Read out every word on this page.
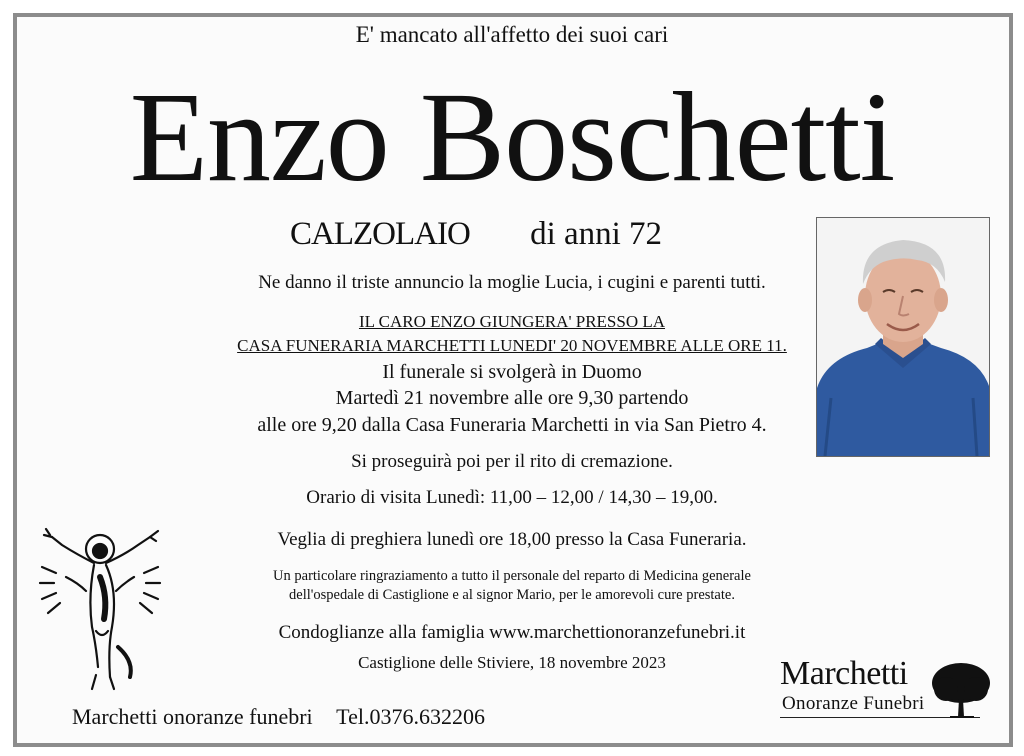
E' mancato all'affetto dei suoi cari
Enzo Boschetti
CALZOLAIO di anni 72
Ne danno il triste annuncio la moglie Lucia, i cugini e parenti tutti.
IL CARO ENZO GIUNGERA' PRESSO LA
CASA FUNERARIA MARCHETTI LUNEDI' 20 NOVEMBRE ALLE ORE 11.
Il funerale si svolgerà in Duomo
Martedì 21 novembre alle ore 9,30 partendo
alle ore 9,20 dalla Casa Funeraria Marchetti in via San Pietro 4.
Si proseguirà poi per il rito di cremazione.
Orario di visita Lunedì: 11,00 – 12,00 / 14,30 – 19,00.
Veglia di preghiera lunedì ore 18,00 presso la Casa Funeraria.
Un particolare ringraziamento a tutto il personale del reparto di Medicina generale
dell'ospedale di Castiglione e al signor Mario, per le amorevoli cure prestate.
Condoglianze alla famiglia www.marchettionoranzefunebri.it
Castiglione delle Stiviere, 18 novembre 2023
Marchetti onoranze funebri Tel.0376.632206
Marchetti
Onoranze Funebri
